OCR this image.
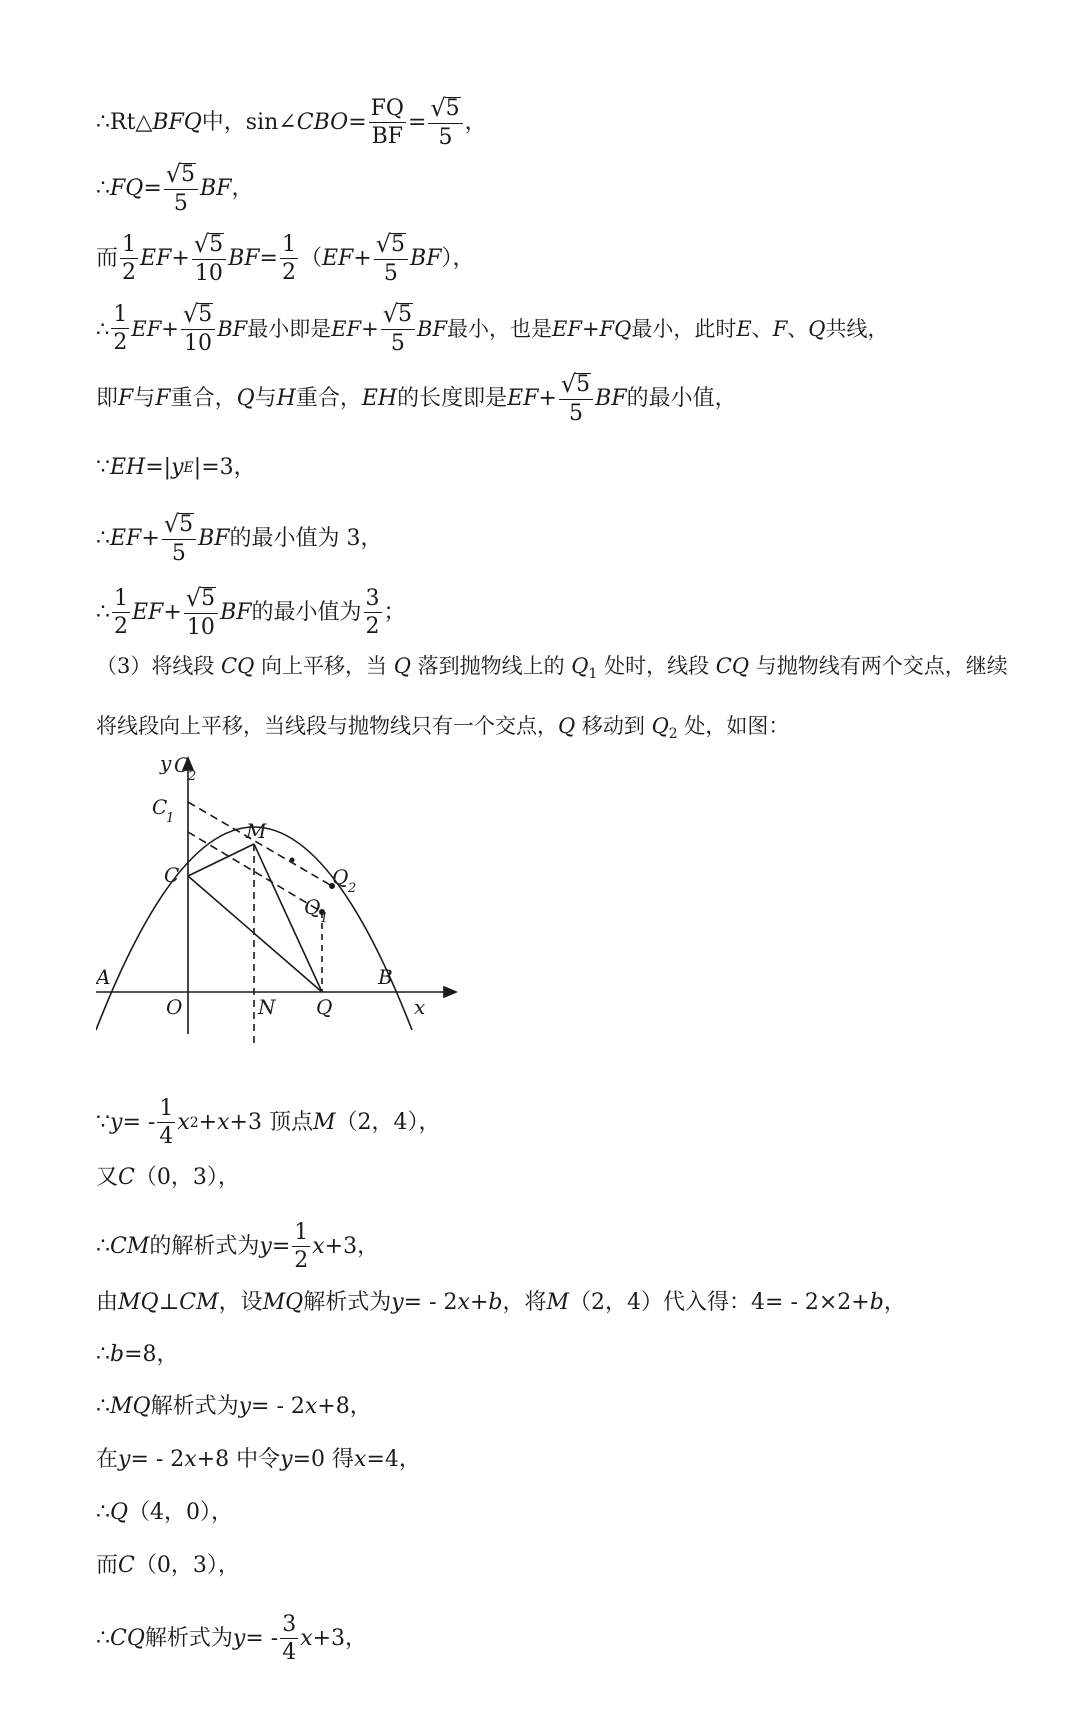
∴ Rt△ BFQ 中，sin∠ CBO = $\frac{FQ}{BF} = \frac{√ 5}{5}$ ，
∴ FQ = $\frac{√ 5}{5}$ BF ，
而 $\frac{1}{2}$ EF + $\frac{√ 5}{10}$ BF = $\frac{1}{2}$ （ EF + $\frac{√ 5}{5}$ BF ），
∴ $\frac{1}{2}$ EF + $\frac{√ 5}{10}$ BF 最小即是 EF + $\frac{√ 5}{5}$ BF 最小，也是 EF + FQ 最小，此时 E 、 F 、 Q 共线，
即 F 与 F 重合， Q 与 H 重合， EH 的长度即是 EF + $\frac{√ 5}{5}$ BF 的最小值，
∵ EH =| y E |=3，
∴ EF + $\frac{√ 5}{5}$ BF 的最小值为 3，
∴ $\frac{1}{2}$ EF + $\frac{√ 5}{10}$ BF 的最小值为 $\frac{3}{2}$ ；
（3）将线段 CQ 向上平移，当 Q 落到抛物线上的 $Q_1$ 处时，线段 CQ 与抛物线有两个交点，继续将线段向上平移，当线段与抛物线只有一个交点，Q 移动到 $Q_2$ 处，如图：
y C
2
C
1
M
C	Q 2
Q 1
A
O	N Q
B
x
∵ y = - $\frac{1}{4}$ x 2 + x +3 顶点 M （2，4），
又 C （0，3），
∴ CM 的解析式为 $y = \frac{1}{2}$ x +3，
由 MQ ⊥ CM ，设 MQ 解析式为 y = - 2 x + b ，将 M （2，4）代入得：4= - 2×2+ b ，
∴ b =8，
∴ MQ 解析式为 y = - 2 x +8，
在 y = - 2 x +8 中令 y =0 得 x =4，
∴ Q （4，0），
而 C （0，3），
∴ CQ 解析式为 y = - $\frac{3}{4}$ x +3，
